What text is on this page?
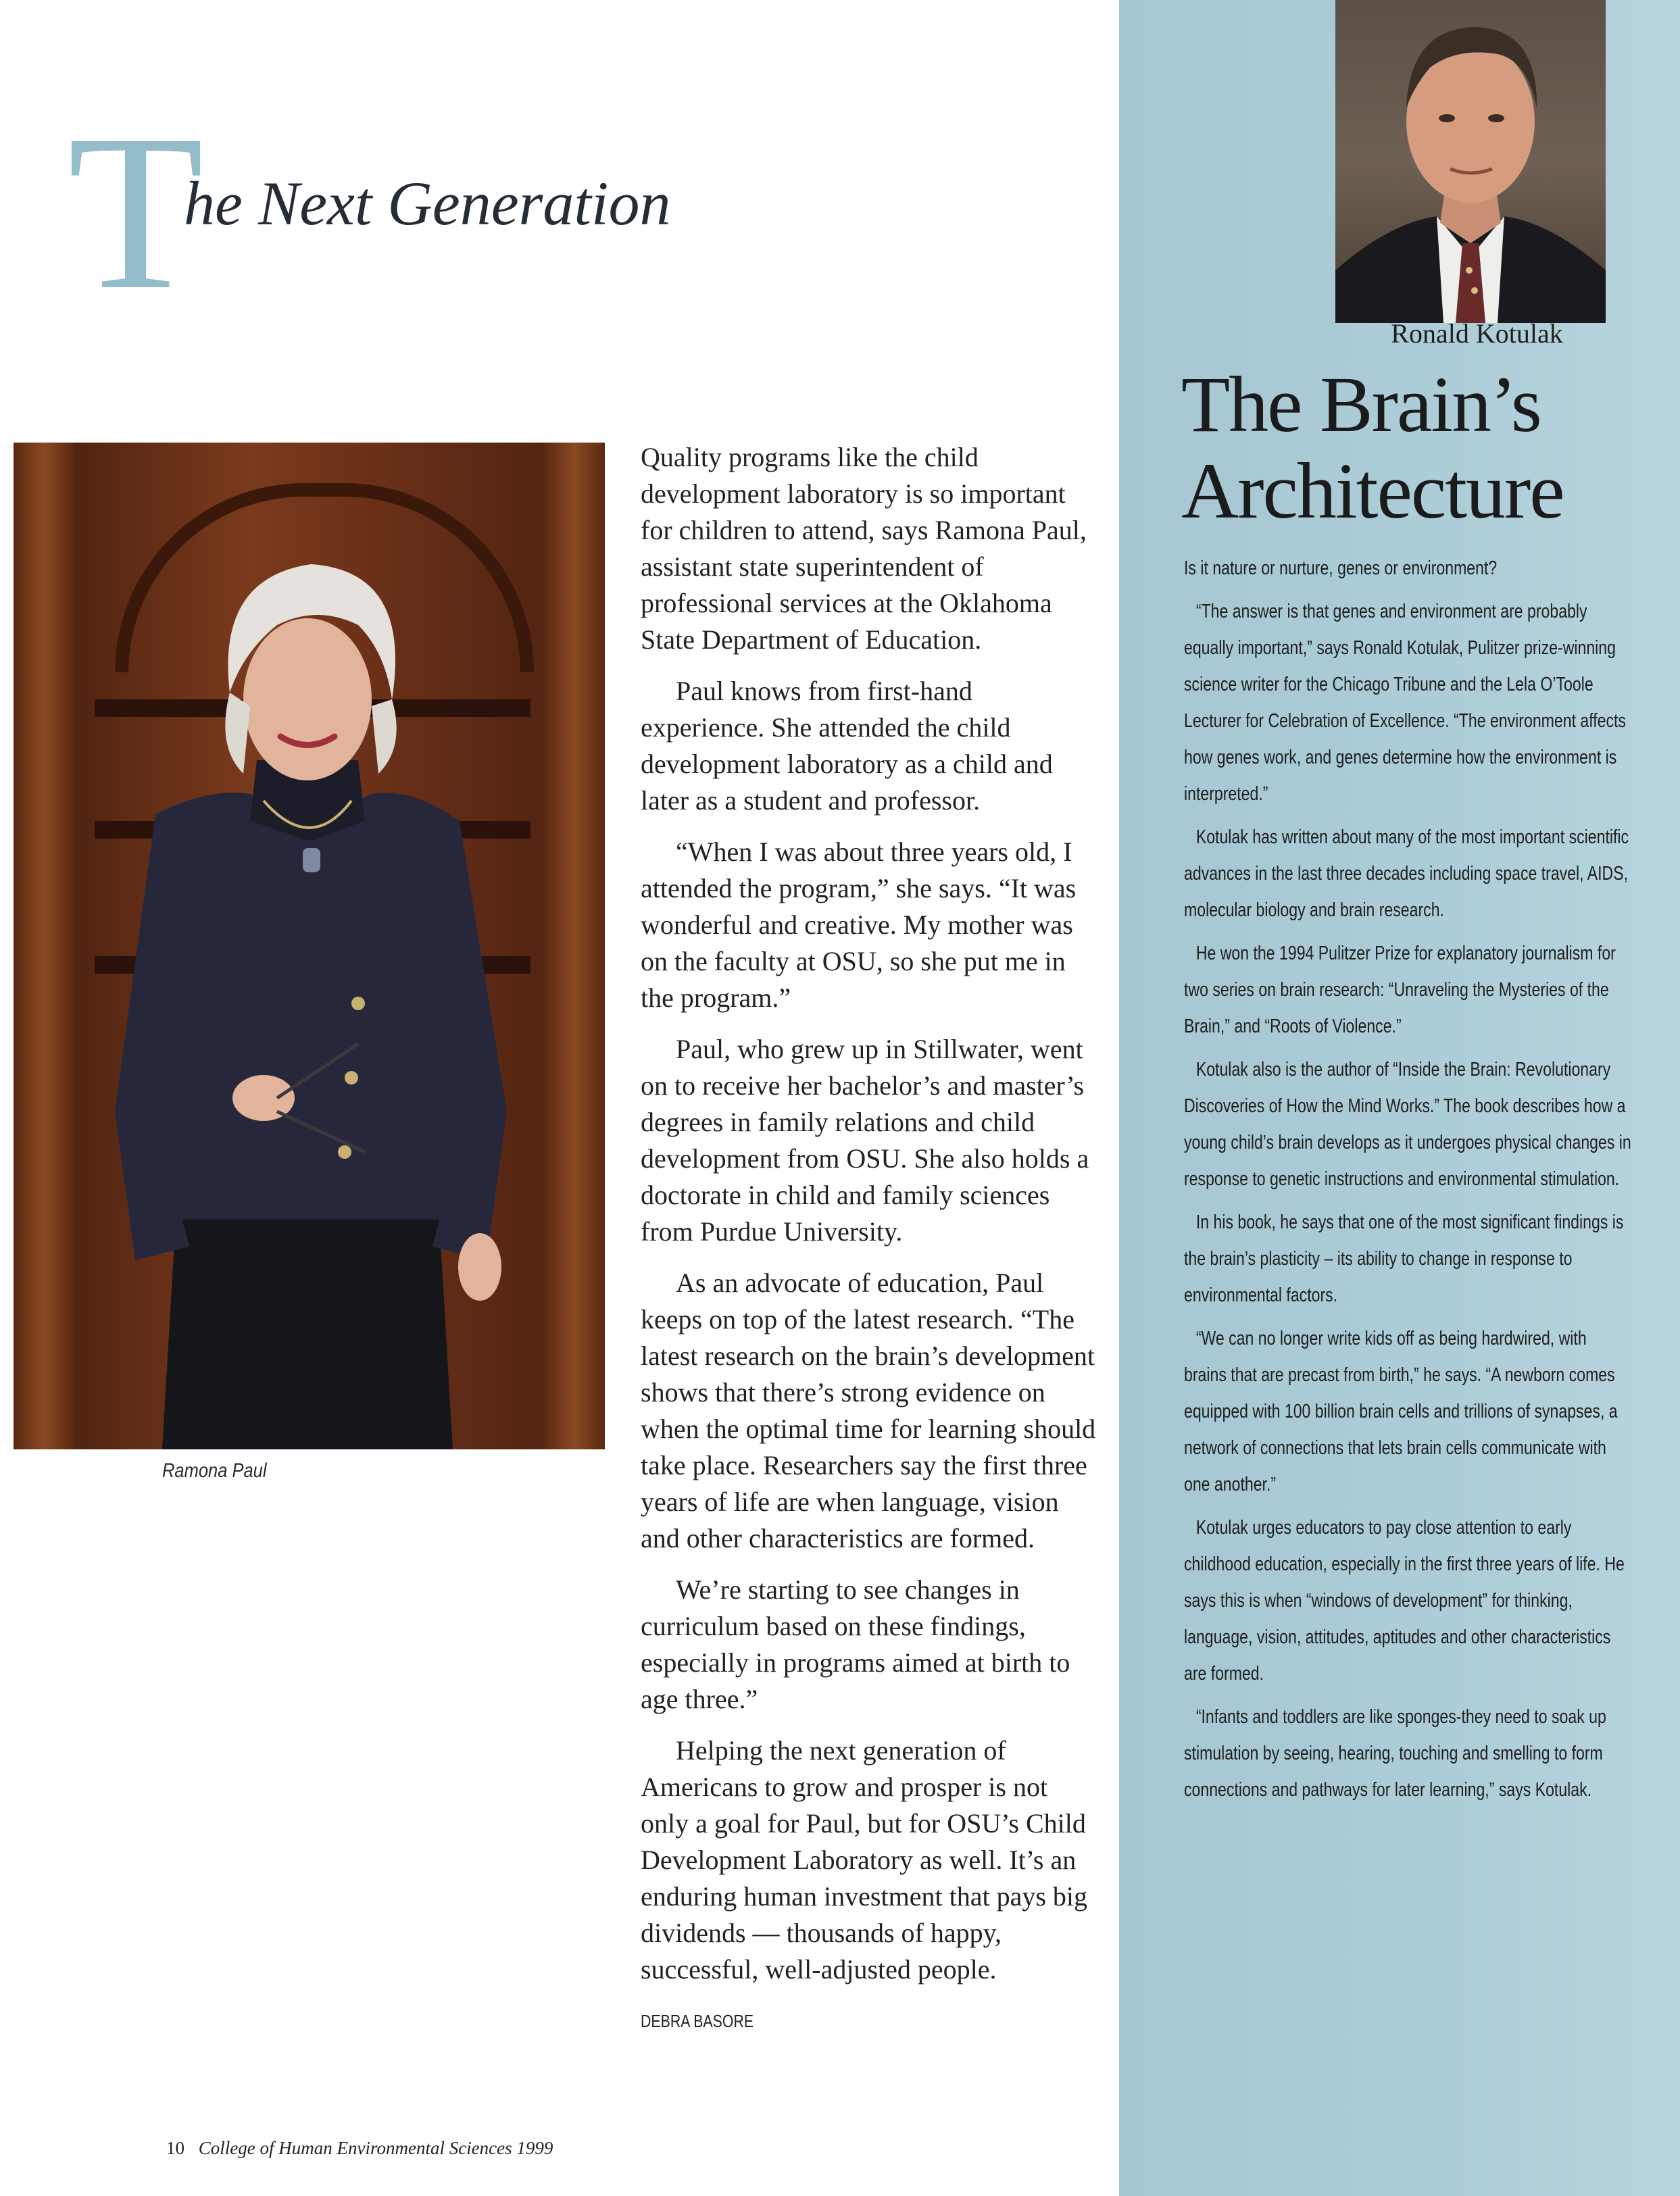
T
he Next Generation
Ramona Paul

Quality programs like the child development laboratory is so important for children to attend, says Ramona Paul, assistant state superintendent of professional services at the Oklahoma State Department of Education.

Paul knows from first-hand experience. She attended the child development laboratory as a child and later as a student and professor.

“When I was about three years old, I attended the program,” she says. “It was wonderful and creative. My mother was on the faculty at OSU, so she put me in the program.”

Paul, who grew up in Stillwater, went on to receive her bachelor’s and master’s degrees in family relations and child development from OSU. She also holds a doctorate in child and family sciences from Purdue University.

As an advocate of education, Paul keeps on top of the latest research. “The latest research on the brain’s development shows that there’s strong evidence on when the optimal time for learning should take place. Researchers say the first three years of life are when language, vision and other characteristics are formed.

We’re starting to see changes in curriculum based on these findings, especially in programs aimed at birth to age three.”

Helping the next generation of Americans to grow and prosper is not only a goal for Paul, but for OSU’s Child Development Laboratory as well. It’s an enduring human investment that pays big dividends — thousands of happy, successful, well-adjusted people.

DEBRA BASORE
Ronald Kotulak
The Brain’s
Architecture

Is it nature or nurture, genes or environment?

“The answer is that genes and environment are probably equally important,” says Ronald Kotulak, Pulitzer prize-winning science writer for the Chicago Tribune and the Lela O’Toole Lecturer for Celebration of Excellence. “The environment affects how genes work, and genes determine how the environment is interpreted.”

Kotulak has written about many of the most important scientific advances in the last three decades including space travel, AIDS, molecular biology and brain research.

He won the 1994 Pulitzer Prize for explanatory journalism for two series on brain research: “Unraveling the Mysteries of the Brain,” and “Roots of Violence.”

Kotulak also is the author of “Inside the Brain: Revolutionary Discoveries of How the Mind Works.” The book describes how a young child’s brain develops as it undergoes physical changes in response to genetic instructions and environmental stimulation.

In his book, he says that one of the most significant findings is the brain’s plasticity – its ability to change in response to environmental factors.

“We can no longer write kids off as being hardwired, with brains that are precast from birth,” he says. “A newborn comes equipped with 100 billion brain cells and trillions of synapses, a network of connections that lets brain cells communicate with one another.”

Kotulak urges educators to pay close attention to early childhood education, especially in the first three years of life. He says this is when “windows of development” for thinking, language, vision, attitudes, aptitudes and other characteristics are formed.

“Infants and toddlers are like sponges-they need to soak up stimulation by seeing, hearing, touching and smelling to form connections and pathways for later learning,” says Kotulak.

10 College of Human Environmental Sciences 1999
